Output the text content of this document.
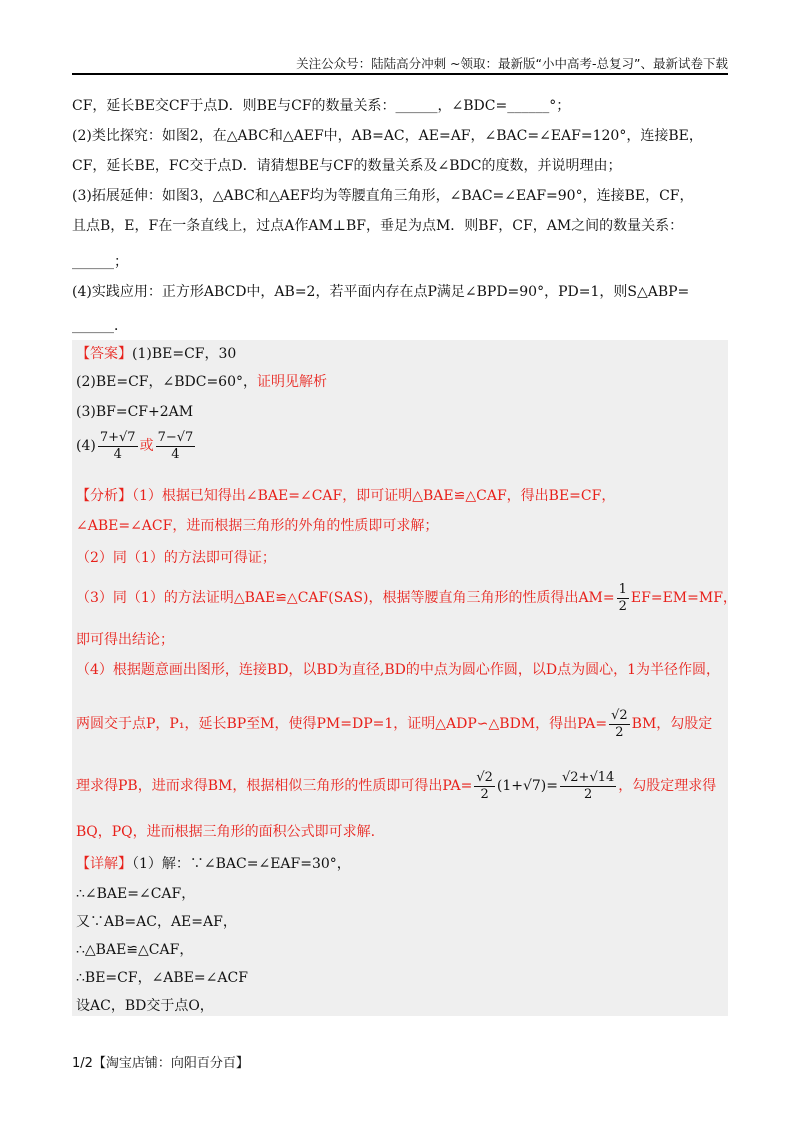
关注公众号：陆陆高分冲刺 ~领取：最新版“小中高考-总复习”、最新试卷下载
CF，延长BE交CF于点D．则BE与CF的数量关系：______，∠BDC=______°；
(2)类比探究：如图2，在△ABC和△AEF中，AB=AC，AE=AF，∠BAC=∠EAF=120°，连接BE，
CF，延长BE，FC交于点D．请猜想BE与CF的数量关系及∠BDC的度数，并说明理由；
(3)拓展延伸：如图3，△ABC和△AEF均为等腰直角三角形，∠BAC=∠EAF=90°，连接BE，CF，
且点B，E，F在一条直线上，过点A作AM⊥BF，垂足为点M．则BF，CF，AM之间的数量关系：
______；
(4)实践应用：正方形ABCD中，AB=2，若平面内存在点P满足∠BPD=90°，PD=1，则S△ABP=
______．
【答案】(1)BE=CF，30
(2)BE=CF，∠BDC=60°，证明见解析
(3)BF=CF+2AM
$(4) \frac{7+√7}{4}$ 或 $\frac{7-√7}{4}$
【分析】（1）根据已知得出∠BAE=∠CAF，即可证明△BAE≌△CAF，得出BE=CF，
∠ABE=∠ACF，进而根据三角形的外角的性质即可求解；
（2）同（1）的方法即可得证；
（3）同（1）的方法证明△BAE≌△CAF(SAS)，根据等腰直角三角形的性质得出$AM= \frac{1}{2} EF=EM=MF$，
即可得出结论；
（4）根据题意画出图形，连接BD，以BD为直径,BD的中点为圆心作圆，以D点为圆心，1为半径作圆，
两圆交于点P，P₁，延长BP至M，使得PM=DP=1，证明△ADP∽△BDM，得出$PA= \frac{√2}{2}$ BM，勾股定
理求得PB，进而求得BM，根据相似三角形的性质即可得出$PA= \frac{√2}{2} (1+√7)= \frac{√2+√14}{2}$ ，勾股定理求得
BQ，PQ，进而根据三角形的面积公式即可求解.
【详解】（1）解：∵∠BAC=∠EAF=30°，
∴∠BAE=∠CAF，
又∵AB=AC，AE=AF，
∴△BAE≌△CAF，
∴BE=CF，∠ABE=∠ACF
设AC，BD交于点O，
1/2【淘宝店铺：向阳百分百】
